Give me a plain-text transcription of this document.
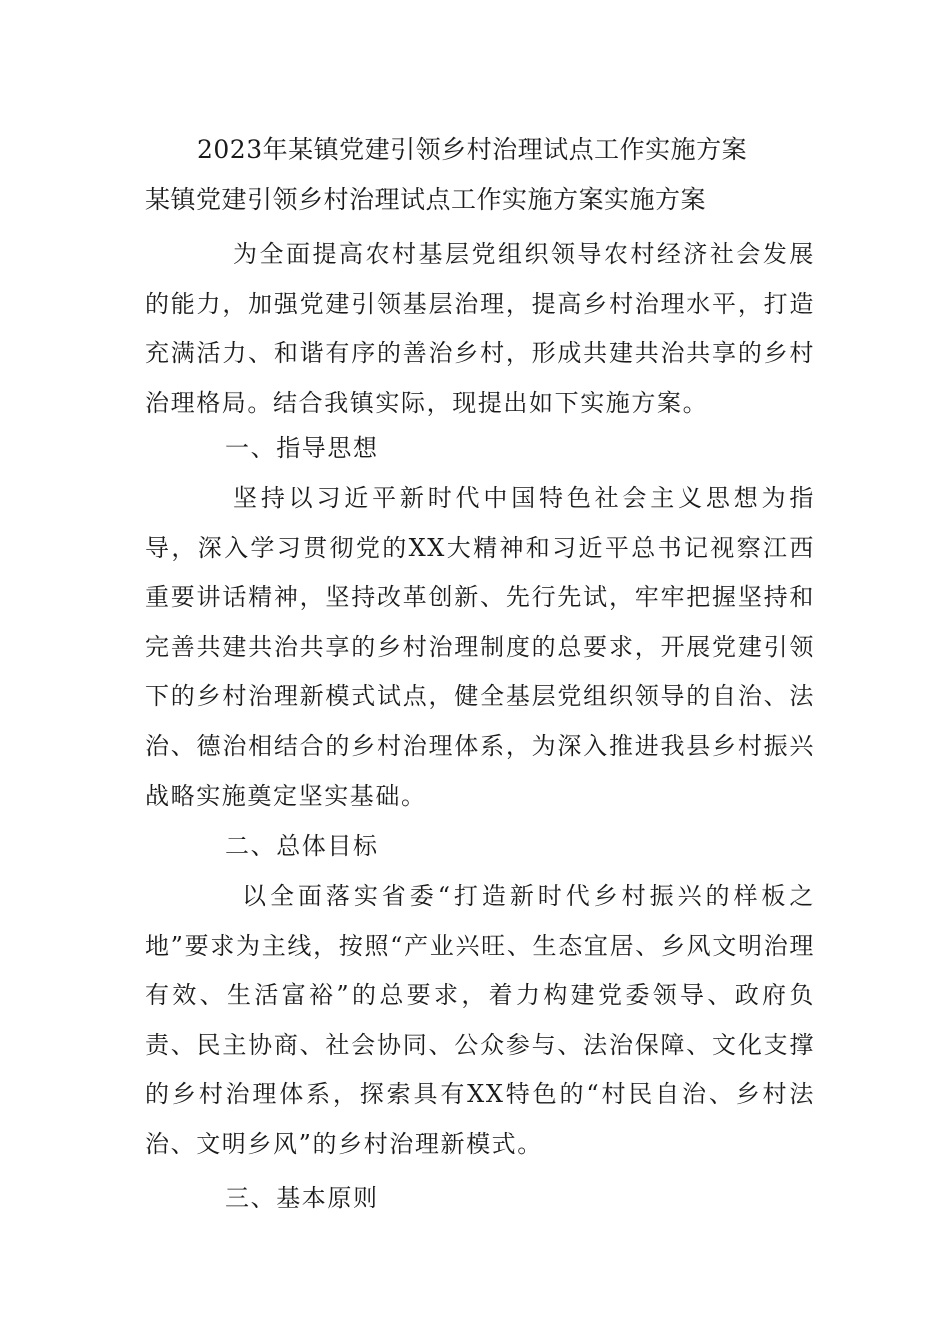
2023年某镇党建引领乡村治理试点工作实施方案
某镇党建引领乡村治理试点工作实施方案实施方案

为全面提高农村基层党组织领导农村经济社会发展的能力，加强党建引领基层治理，提高乡村治理水平，打造充满活力、和谐有序的善治乡村，形成共建共治共享的乡村治理格局。结合我镇实际，现提出如下实施方案。

一、指导思想

坚持以习近平新时代中国特色社会主义思想为指导，深入学习贯彻党的XX大精神和习近平总书记视察江西重要讲话精神，坚持改革创新、先行先试，牢牢把握坚持和完善共建共治共享的乡村治理制度的总要求，开展党建引领下的乡村治理新模式试点，健全基层党组织领导的自治、法治、德治相结合的乡村治理体系，为深入推进我县乡村振兴战略实施奠定坚实基础。

二、总体目标

以全面落实省委“打造新时代乡村振兴的样板之地”要求为主线，按照“产业兴旺、生态宜居、乡风文明治理有效、生活富裕”的总要求，着力构建党委领导、政府负责、民主协商、社会协同、公众参与、法治保障、文化支撑的乡村治理体系，探索具有XX特色的“村民自治、乡村法治、文明乡风”的乡村治理新模式。

三、基本原则
